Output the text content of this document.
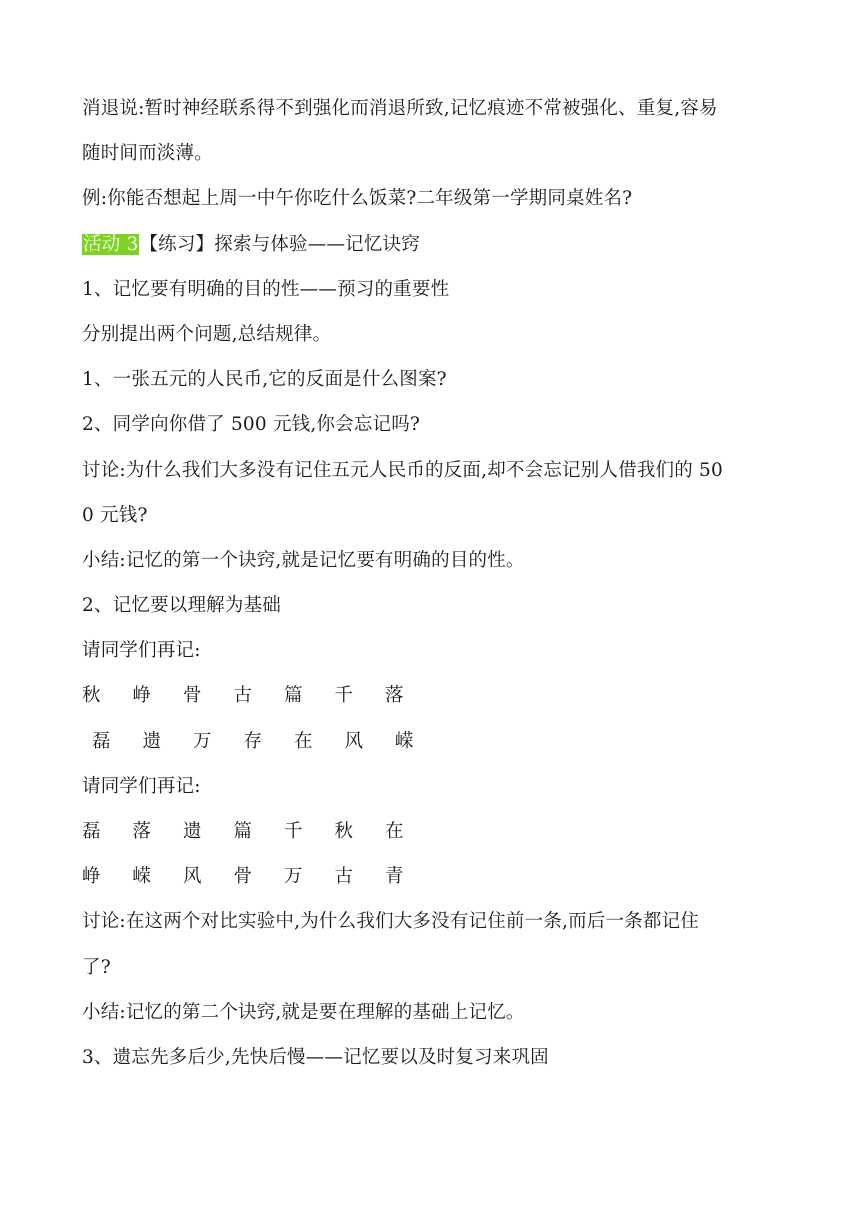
消退说:暂时神经联系得不到强化而消退所致,记忆痕迹不常被强化、重复,容易
随时间而淡薄。
例:你能否想起上周一中午你吃什么饭菜?二年级第一学期同桌姓名?
活动 3【练习】探索与体验——记忆诀窍
1、记忆要有明确的目的性——预习的重要性
分别提出两个问题,总结规律。
1、一张五元的人民币,它的反面是什么图案?
2、同学向你借了 500 元钱,你会忘记吗?
讨论:为什么我们大多没有记住五元人民币的反面,却不会忘记别人借我们的 50
0 元钱?
小结:记忆的第一个诀窍,就是记忆要有明确的目的性。
2、记忆要以理解为基础
请同学们再记:
秋	峥	骨	古	篇	千	落
磊	遗	万	存	在	风	嵘
请同学们再记:
磊	落	遗	篇	千	秋	在
峥	嵘	风	骨	万	古	青
讨论:在这两个对比实验中,为什么我们大多没有记住前一条,而后一条都记住
了?
小结:记忆的第二个诀窍,就是要在理解的基础上记忆。
3、遗忘先多后少,先快后慢——记忆要以及时复习来巩固
